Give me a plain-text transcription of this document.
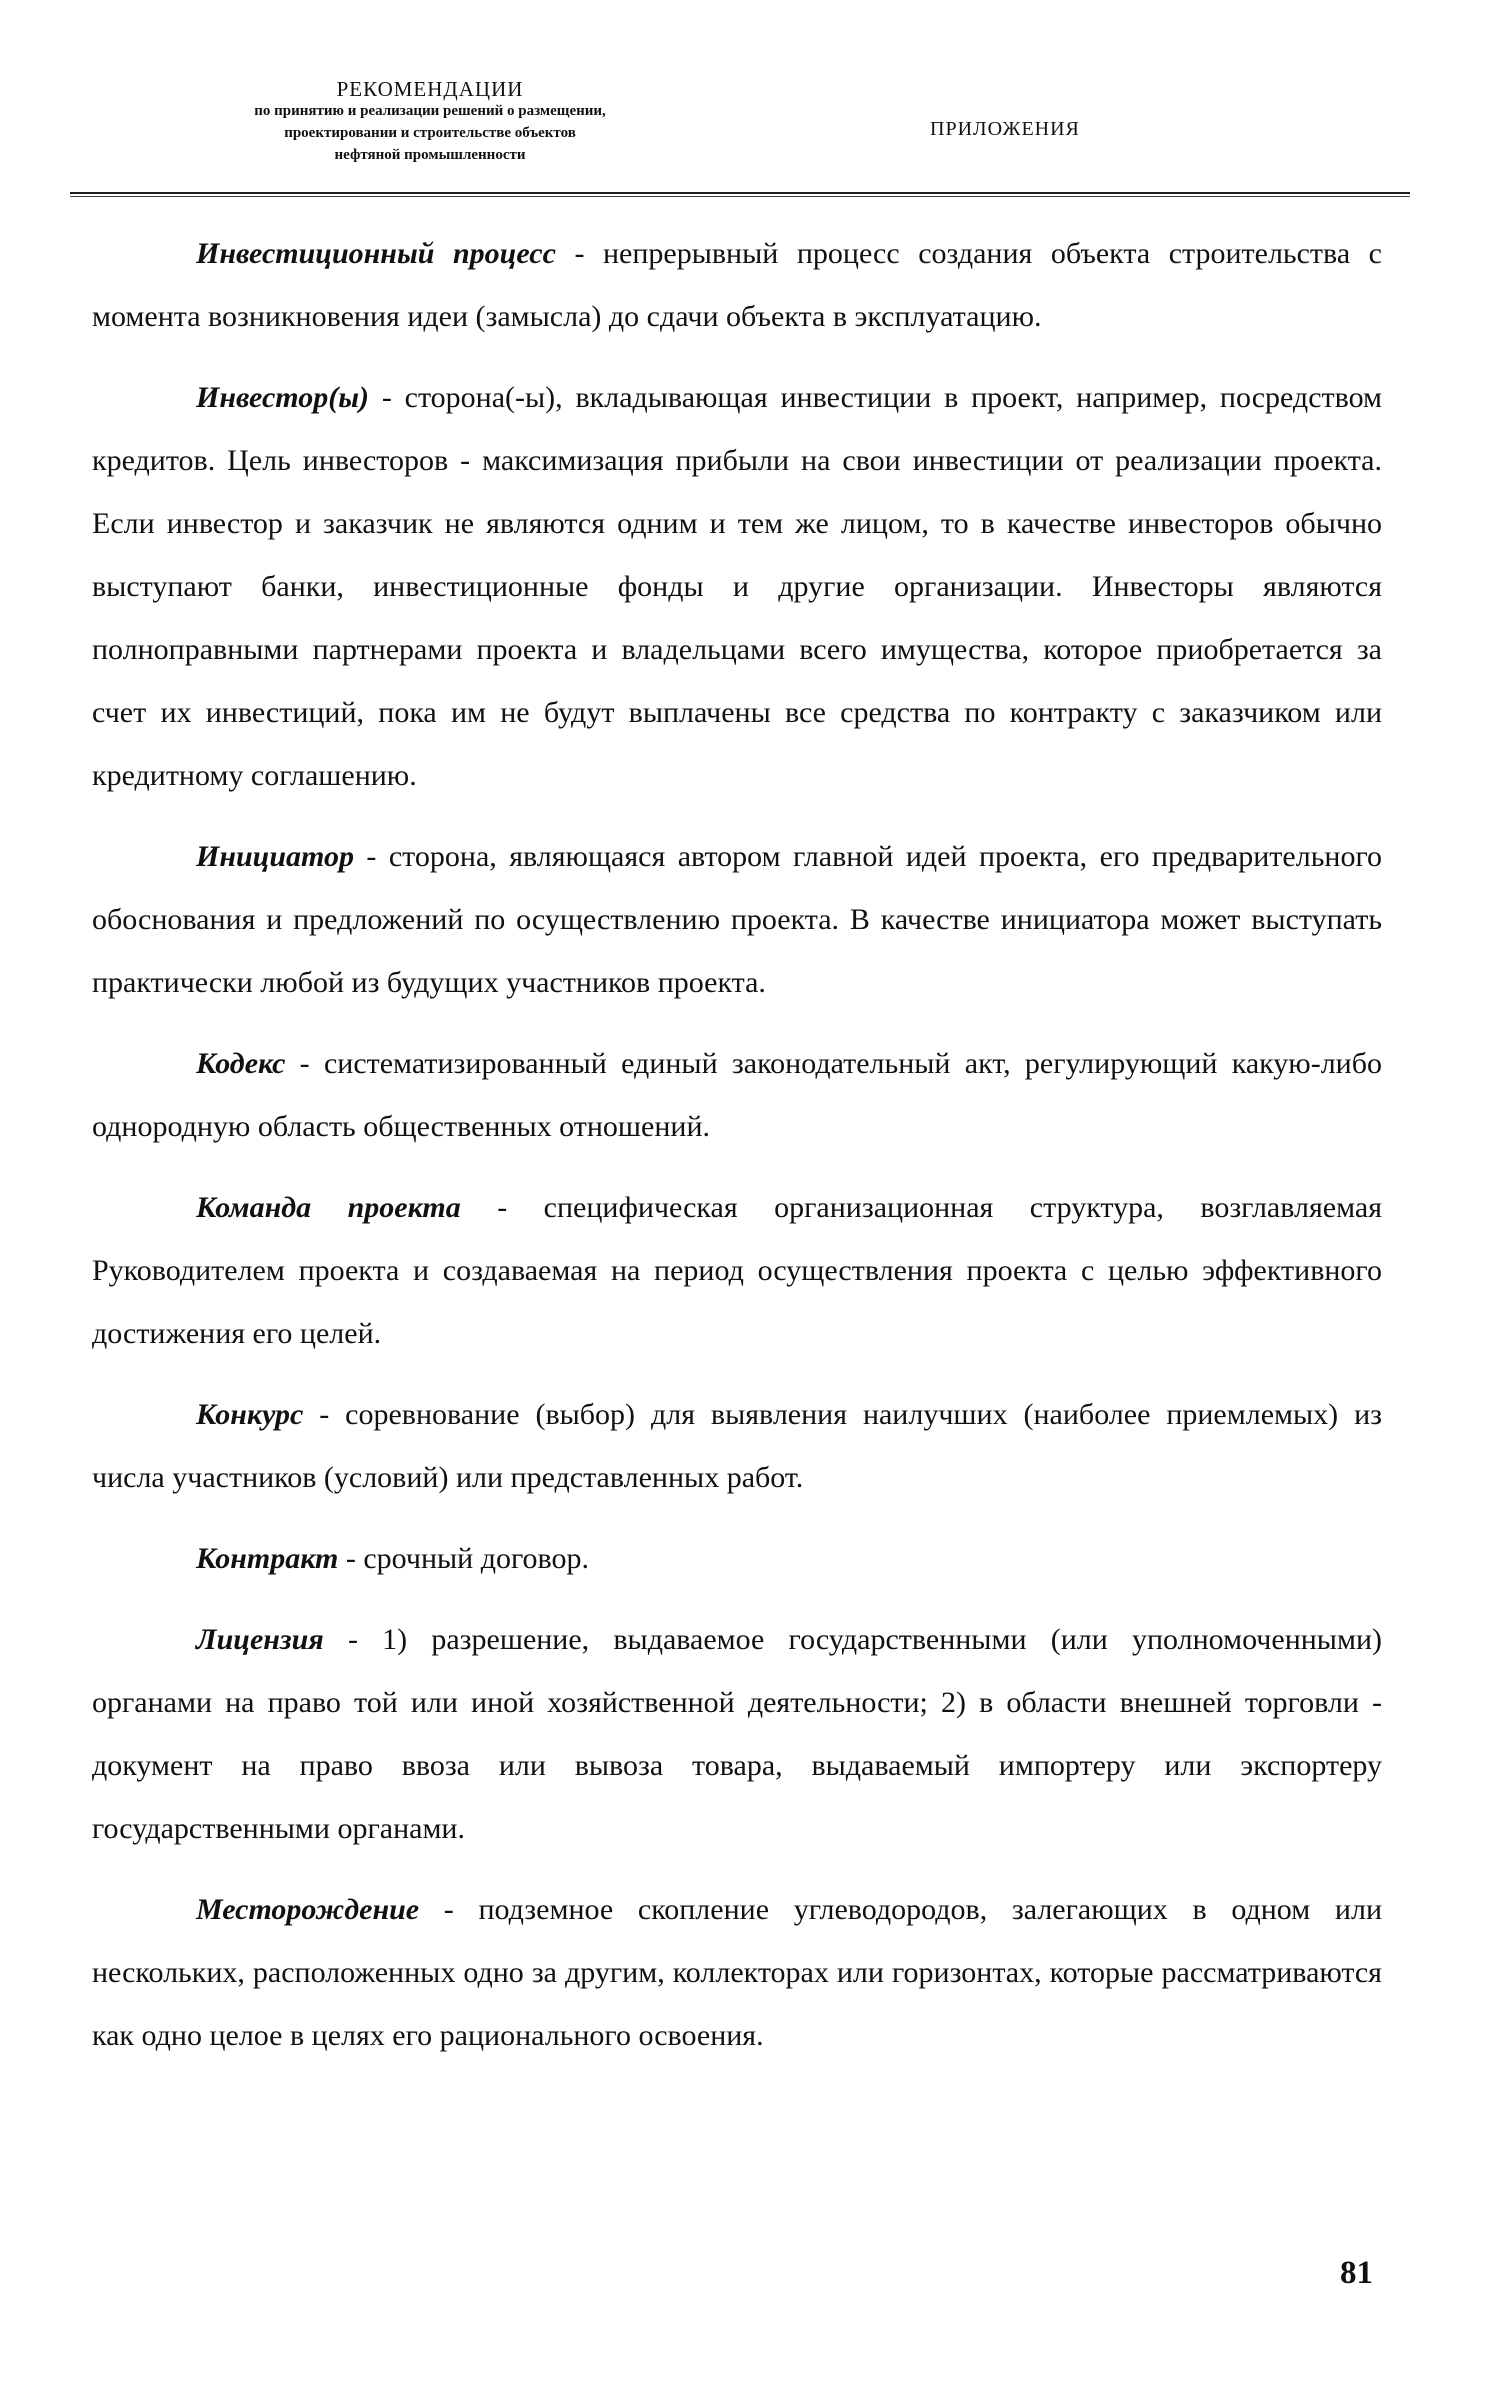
РЕКОМЕНДАЦИИ
по принятию и реализации решений о размещении,
проектировании и строительстве объектов
нефтяной промышленности
ПРИЛОЖЕНИЯ

Инвестиционный процесс - непрерывный процесс создания объекта строительства с момента возникновения идеи (замысла) до сдачи объекта в эксплуатацию.

Инвестор(ы) - сторона(-ы), вкладывающая инвестиции в проект, например, посредством кредитов. Цель инвесторов - максимизация прибыли на свои инвестиции от реализации проекта. Если инвестор и заказчик не являются одним и тем же лицом, то в качестве инвесторов обычно выступают банки, инвестиционные фонды и другие организации. Инвесторы являются полноправными партнерами проекта и владельцами всего имущества, которое приобретается за счет их инвестиций, пока им не будут выплачены все средства по контракту с заказчиком или кредитному соглашению.

Инициатор - сторона, являющаяся автором главной идей проекта, его предварительного обоснования и предложений по осуществлению проекта. В качестве инициатора может выступать практически любой из будущих участников проекта.

Кодекс - систематизированный единый законодательный акт, регулирующий какую-либо однородную область общественных отношений.

Команда проекта - специфическая организационная структура, возглавляемая Руководителем проекта и создаваемая на период осуществления проекта с целью эффективного достижения его целей.

Конкурс - соревнование (выбор) для выявления наилучших (наиболее приемлемых) из числа участников (условий) или представленных работ.

Контракт - срочный договор.

Лицензия - 1) разрешение, выдаваемое государственными (или уполномоченными) органами на право той или иной хозяйственной деятельности; 2) в области внешней торговли - документ на право ввоза или вывоза товара, выдаваемый импортеру или экспортеру государственными органами.

Месторождение - подземное скопление углеводородов, залегающих в одном или нескольких, расположенных одно за другим, коллекторах или горизонтах, которые рассматриваются как одно целое в целях его рационального освоения.

81
